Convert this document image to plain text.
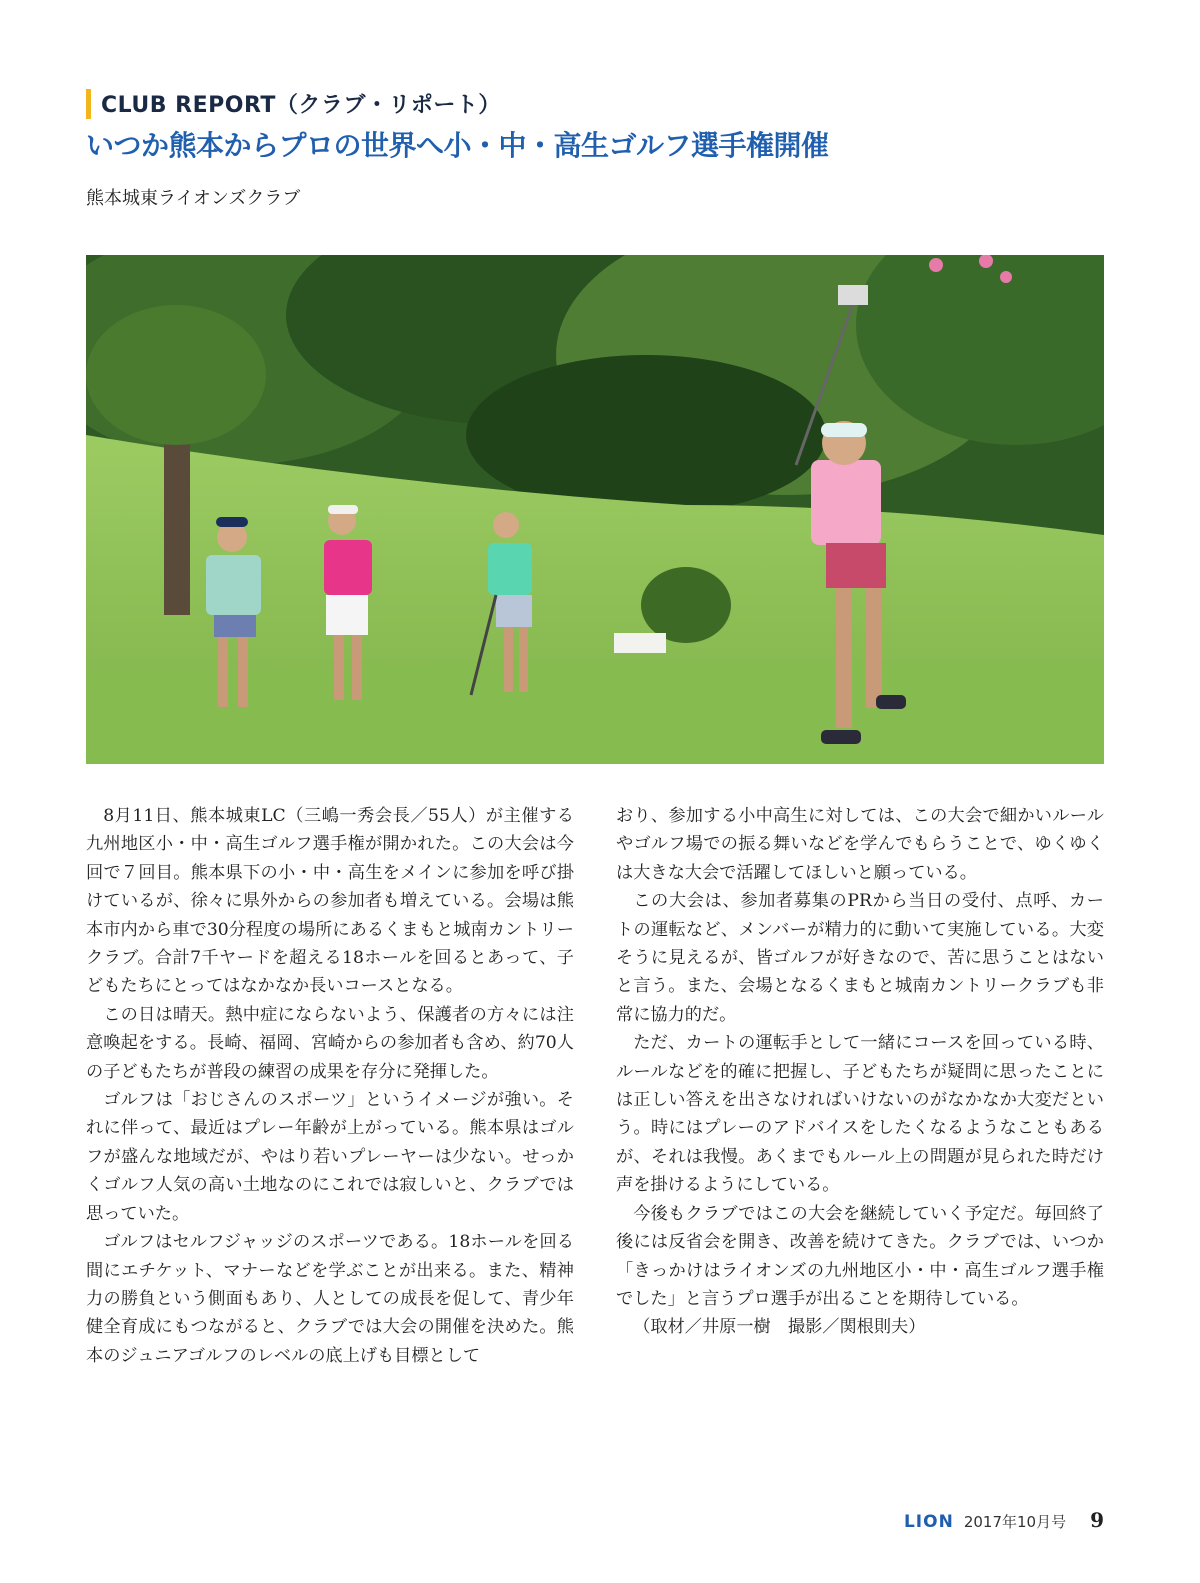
CLUB REPORT（クラブ・リポート）
いつか熊本からプロの世界へ小・中・高生ゴルフ選手権開催
熊本城東ライオンズクラブ

8月11日、熊本城東LC（三嶋一秀会長／55人）が主催する九州地区小・中・高生ゴルフ選手権が開かれた。この大会は今回で７回目。熊本県下の小・中・高生をメインに参加を呼び掛けているが、徐々に県外からの参加者も増えている。会場は熊本市内から車で30分程度の場所にあるくまもと城南カントリークラブ。合計7千ヤードを超える18ホールを回るとあって、子どもたちにとってはなかなか長いコースとなる。

この日は晴天。熱中症にならないよう、保護者の方々には注意喚起をする。長崎、福岡、宮崎からの参加者も含め、約70人の子どもたちが普段の練習の成果を存分に発揮した。

ゴルフは「おじさんのスポーツ」というイメージが強い。それに伴って、最近はプレー年齢が上がっている。熊本県はゴルフが盛んな地域だが、やはり若いプレーヤーは少ない。せっかくゴルフ人気の高い土地なのにこれでは寂しいと、クラブでは思っていた。

ゴルフはセルフジャッジのスポーツである。18ホールを回る間にエチケット、マナーなどを学ぶことが出来る。また、精神力の勝負という側面もあり、人としての成長を促して、青少年健全育成にもつながると、クラブでは大会の開催を決めた。熊本のジュニアゴルフのレベルの底上げも目標として

おり、参加する小中高生に対しては、この大会で細かいルールやゴルフ場での振る舞いなどを学んでもらうことで、ゆくゆくは大きな大会で活躍してほしいと願っている。

この大会は、参加者募集のPRから当日の受付、点呼、カートの運転など、メンバーが精力的に動いて実施している。大変そうに見えるが、皆ゴルフが好きなので、苦に思うことはないと言う。また、会場となるくまもと城南カントリークラブも非常に協力的だ。

ただ、カートの運転手として一緒にコースを回っている時、ルールなどを的確に把握し、子どもたちが疑問に思ったことには正しい答えを出さなければいけないのがなかなか大変だという。時にはプレーのアドバイスをしたくなるようなこともあるが、それは我慢。あくまでもルール上の問題が見られた時だけ声を掛けるようにしている。

今後もクラブではこの大会を継続していく予定だ。毎回終了後には反省会を開き、改善を続けてきた。クラブでは、いつか「きっかけはライオンズの九州地区小・中・高生ゴルフ選手権でした」と言うプロ選手が出ることを期待している。

（取材／井原一樹　撮影／関根則夫）

LION 2017年10月号 9
